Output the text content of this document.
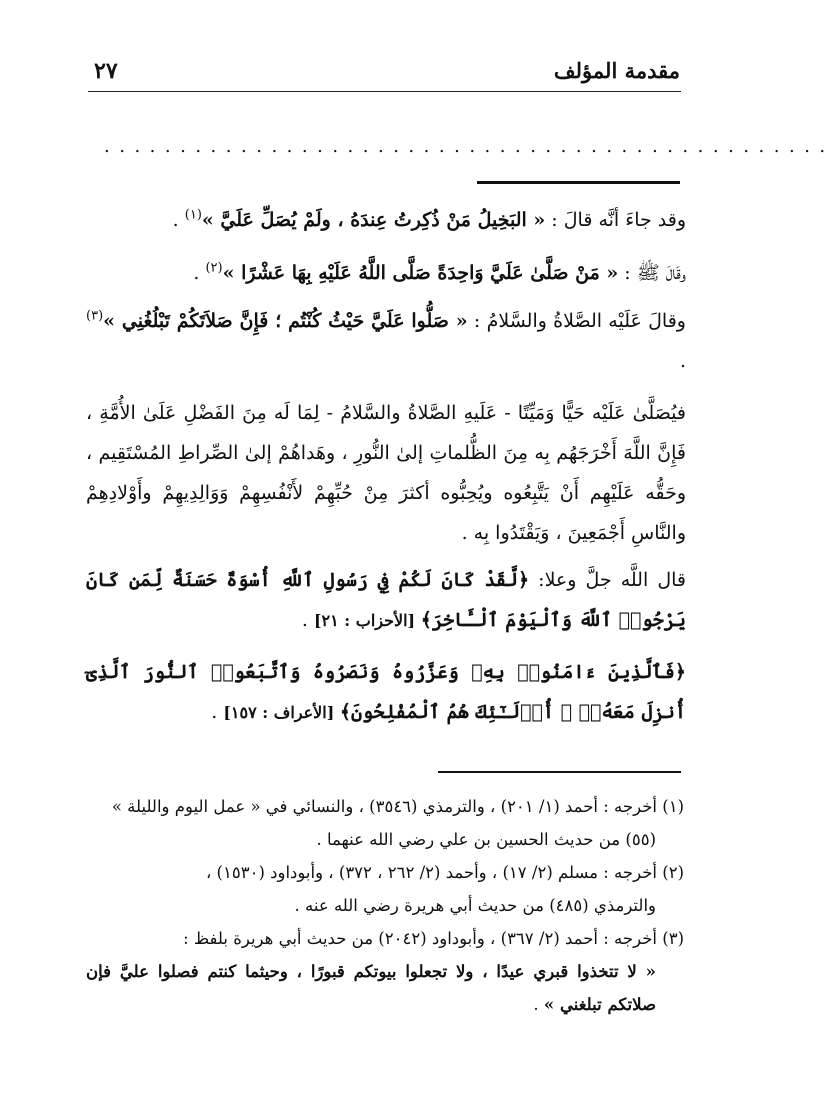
مقدمة المؤلف
٢٧
................................................
وقد جاءَ أنَّه قالَ : « البَخِيلُ مَنْ ذُكِرتُ عِندَهُ ، ولَمْ يُصَلِّ عَلَيَّ »$^{(١)}$ .
وقَالَ ﷺ : « مَنْ صَلَّىٰ عَلَيَّ وَاحِدَةً صَلَّى اللَّهُ عَلَيْهِ بِهَا عَشْرًا »$^{(٢)}$ .
وقالَ عَلَيْه الصَّلاةُ والسَّلامُ : « صَلُّوا عَلَيَّ حَيْثُ كُنْتُم ؛ فَإِنَّ صَلاَتَكُمْ تَبْلُغُنِي »$^{(٣)}$ .
فيُصَلَّىٰ عَلَيْه حَيًّا وَمَيِّتًا - عَلَيهِ الصَّلاةُ والسَّلامُ - لِمَا لَه مِنَ الفَضْلِ عَلَىٰ الأُمَّةِ ، فَإِنَّ اللَّهَ أَخْرَجَهُم بِه مِنَ الظُّلماتِ إلىٰ النُّورِ ، وهَداهُمْ إلىٰ الصِّراطِ المُسْتَقِيم ، وحَقُّه عَلَيْهِم أَنْ يَتَّبِعُوه ويُحِبُّوه أكثرَ مِنْ حُبِّهِمْ لأَنْفُسِهِمْ وَوَالِدِيهِمْ وأَوْلادِهِمْ والنَّاسِ أَجْمَعِينَ ، وَيَقْتَدُوا بِه .
قال اللَّه جلَّ وعلا: ﴿لَّقَدْ كَانَ لَكُمْ فِي رَسُولِ ٱللَّهِ أُسْوَةٌ حَسَنَةٌ لِّمَن كَانَ يَرْجُوا۟ ٱللَّهَ وَٱلْيَوْمَ ٱلْـَٔاخِرَ﴾ [الأحزاب : ٢١] .
﴿فَٱلَّذِينَ ءَامَنُوا۟ بِهِۦ وَعَزَّرُوهُ وَنَصَرُوهُ وَٱتَّبَعُوا۟ ٱلنُّورَ ٱلَّذِىٓ أُنزِلَ مَعَهُۥٓ ۙ أُو۟لَـٰٓئِكَ هُمُ ٱلْمُفْلِحُونَ﴾ [الأعراف : ١٥٧] .
(١) أخرجه : أحمد (١/ ٢٠١) ، والترمذي (٣٥٤٦) ، والنسائي في « عمل اليوم والليلة »
(٥٥) من حديث الحسين بن علي رضي الله عنهما .
(٢) أخرجه : مسلم (٢/ ١٧) ، وأحمد (٢/ ٢٦٢ ، ٣٧٢) ، وأبوداود (١٥٣٠) ،
والترمذي (٤٨٥) من حديث أبي هريرة رضي الله عنه .
(٣) أخرجه : أحمد (٢/ ٣٦٧) ، وأبوداود (٢٠٤٢) من حديث أبي هريرة بلفظ :
« لا تتخذوا قبري عيدًا ، ولا تجعلوا بيوتكم قبورًا ، وحيثما كنتم فصلوا عليَّ فإن صلاتكم تبلغني » .
